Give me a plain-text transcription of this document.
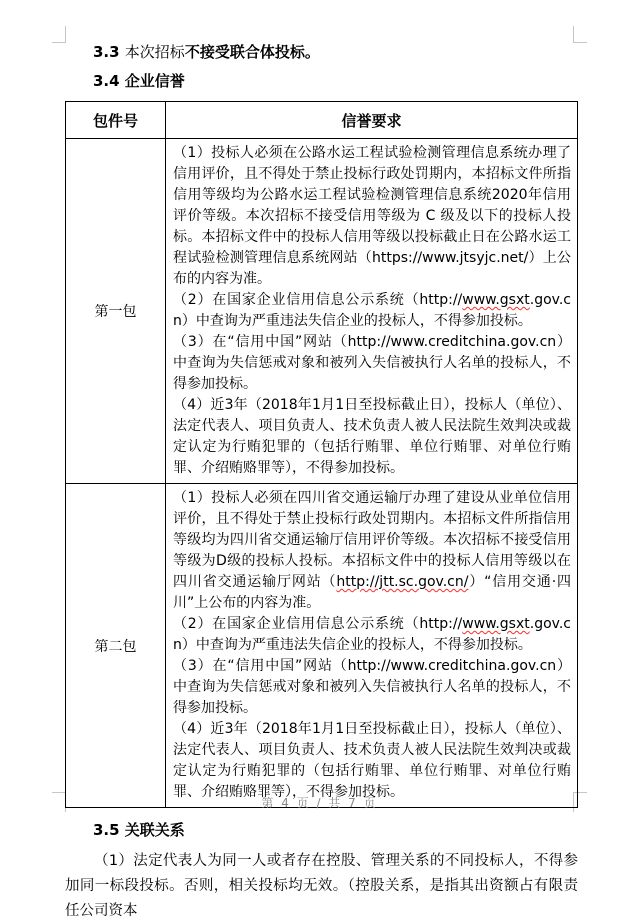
3.3 本次招标不接受联合体投标。

3.4 企业信誉

包件号	信誉要求
第一包	（1）投标人必须在公路水运工程试验检测管理信息系统办理了信用评价，且不得处于禁止投标行政处罚期内，本招标文件所指信用等级均为公路水运工程试验检测管理信息系统2020年信用评价等级。本次招标不接受信用等级为 C 级及以下的投标人投标。本招标文件中的投标人信用等级以投标截止日在公路水运工程试验检测管理信息系统网站（https://www.jtsyjc.net/）上公布的内容为准。

（2）在国家企业信用信息公示系统（http://www.gsxt.gov.cn）中查询为严重违法失信企业的投标人，不得参加投标。

（3）在“信用中国”网站（http://www.creditchina.gov.cn）中查询为失信惩戒对象和被列入失信被执行人名单的投标人，不得参加投标。

（4）近3年（2018年1月1日至投标截止日），投标人（单位）、法定代表人、项目负责人、技术负责人被人民法院生效判决或裁定认定为行贿犯罪的（包括行贿罪、单位行贿罪、对单位行贿罪、介绍贿赂罪等），不得参加投标。

第二包	（1）投标人必须在四川省交通运输厅办理了建设从业单位信用评价，且不得处于禁止投标行政处罚期内。本招标文件所指信用等级均为四川省交通运输厅信用评价等级。本次招标不接受信用等级为D级的投标人投标。本招标文件中的投标人信用等级以在四川省交通运输厅网站（http://jtt.sc.gov.cn/）“信用交通·四川”上公布的内容为准。

（2）在国家企业信用信息公示系统（http://www.gsxt.gov.cn）中查询为严重违法失信企业的投标人，不得参加投标。

（3）在“信用中国”网站（http://www.creditchina.gov.cn）中查询为失信惩戒对象和被列入失信被执行人名单的投标人，不得参加投标。

（4）近3年（2018年1月1日至投标截止日），投标人（单位）、法定代表人、项目负责人、技术负责人被人民法院生效判决或裁定认定为行贿犯罪的（包括行贿罪、单位行贿罪、对单位行贿罪、介绍贿赂罪等），不得参加投标。

3.5 关联关系

（1）法定代表人为同一人或者存在控股、管理关系的不同投标人，不得参加同一标段投标。否则，相关投标均无效。（控股关系，是指其出资额占有限责任公司资本

第 4 页 / 共 7 页
